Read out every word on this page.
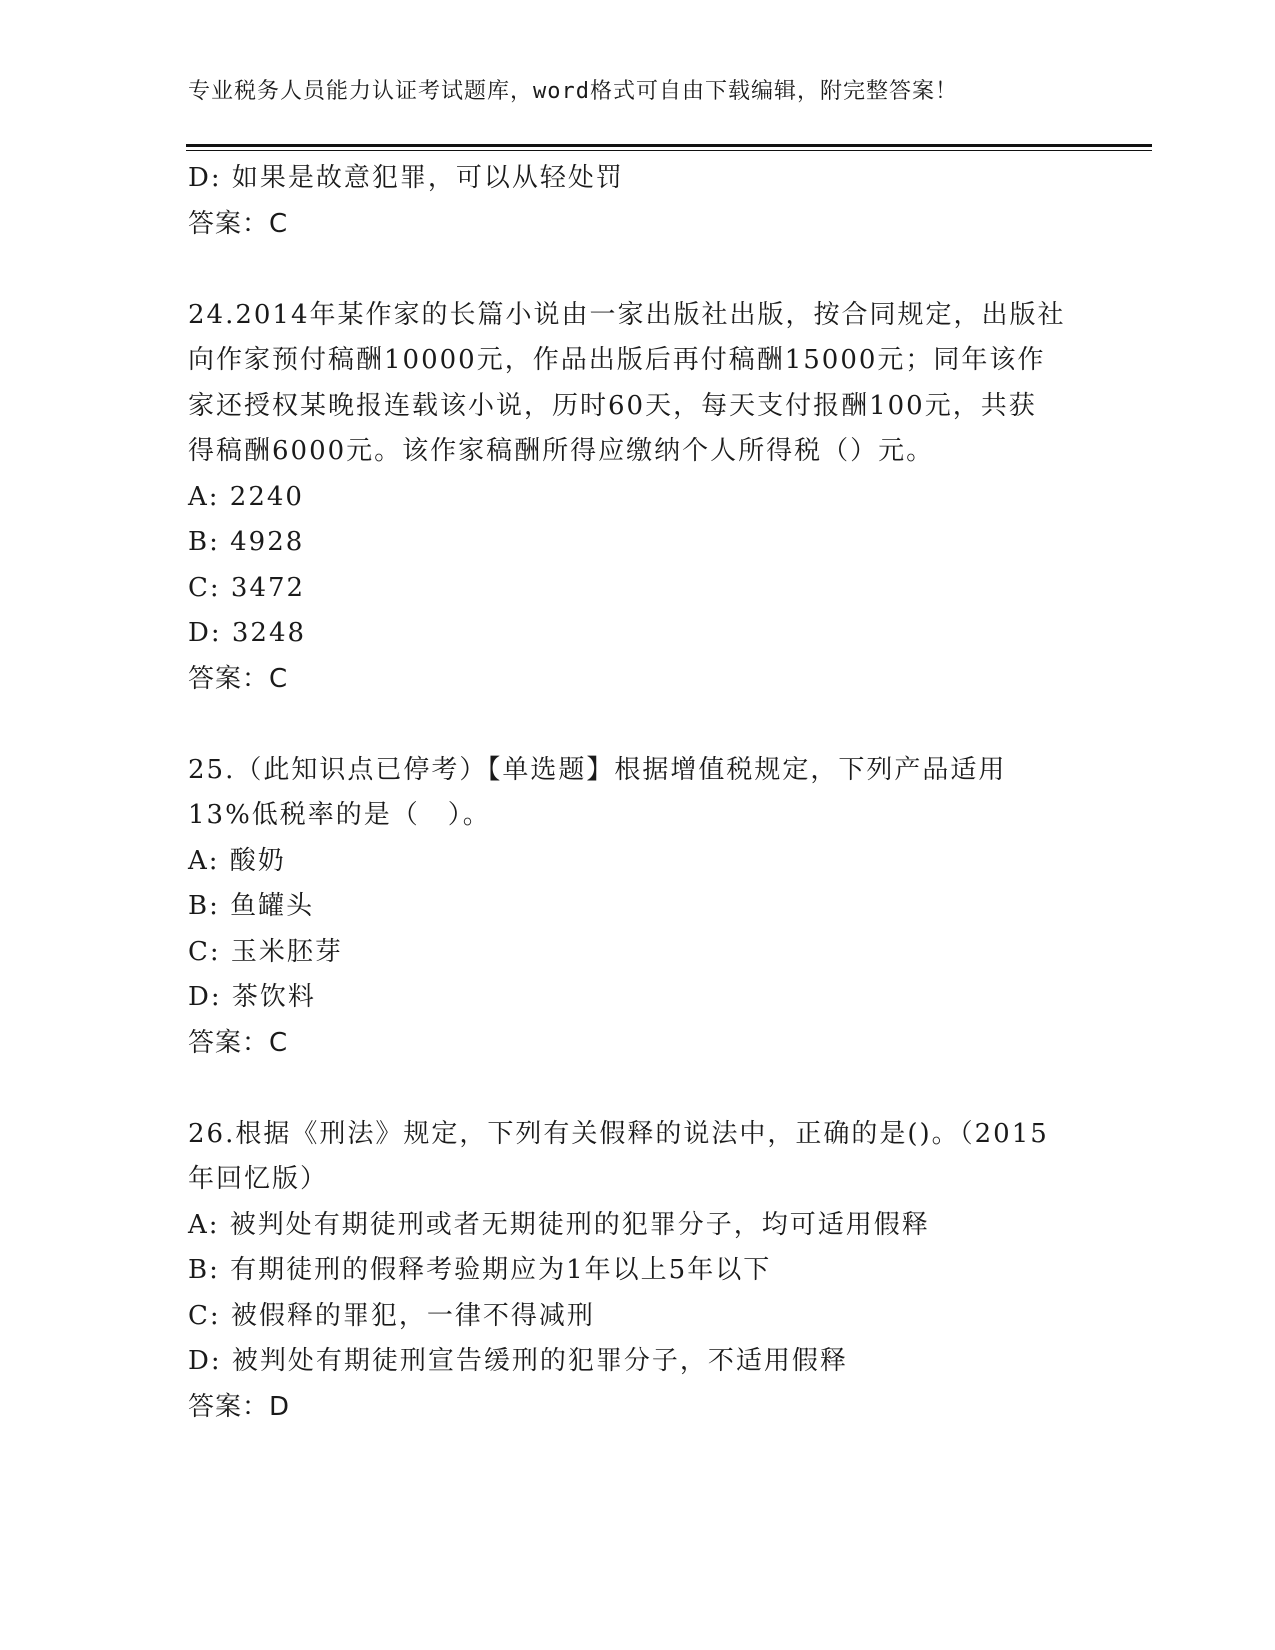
专业税务人员能力认证考试题库，word格式可自由下载编辑，附完整答案！
D: 如果是故意犯罪，可以从轻处罚
答案：C
24.2014年某作家的长篇小说由一家出版社出版，按合同规定，出版社
向作家预付稿酬10000元，作品出版后再付稿酬15000元；同年该作
家还授权某晚报连载该小说，历时60天，每天支付报酬100元，共获
得稿酬6000元。该作家稿酬所得应缴纳个人所得税（）元。
A: 2240
B: 4928
C: 3472
D: 3248
答案：C
25.（此知识点已停考）【单选题】根据增值税规定，下列产品适用
13%低税率的是（　）。
A: 酸奶
B: 鱼罐头
C: 玉米胚芽
D: 茶饮料
答案：C
26.根据《刑法》规定，下列有关假释的说法中，正确的是()。（2015
年回忆版）
A: 被判处有期徒刑或者无期徒刑的犯罪分子，均可适用假释
B: 有期徒刑的假释考验期应为1年以上5年以下
C: 被假释的罪犯，一律不得减刑
D: 被判处有期徒刑宣告缓刑的犯罪分子，不适用假释
答案：D
